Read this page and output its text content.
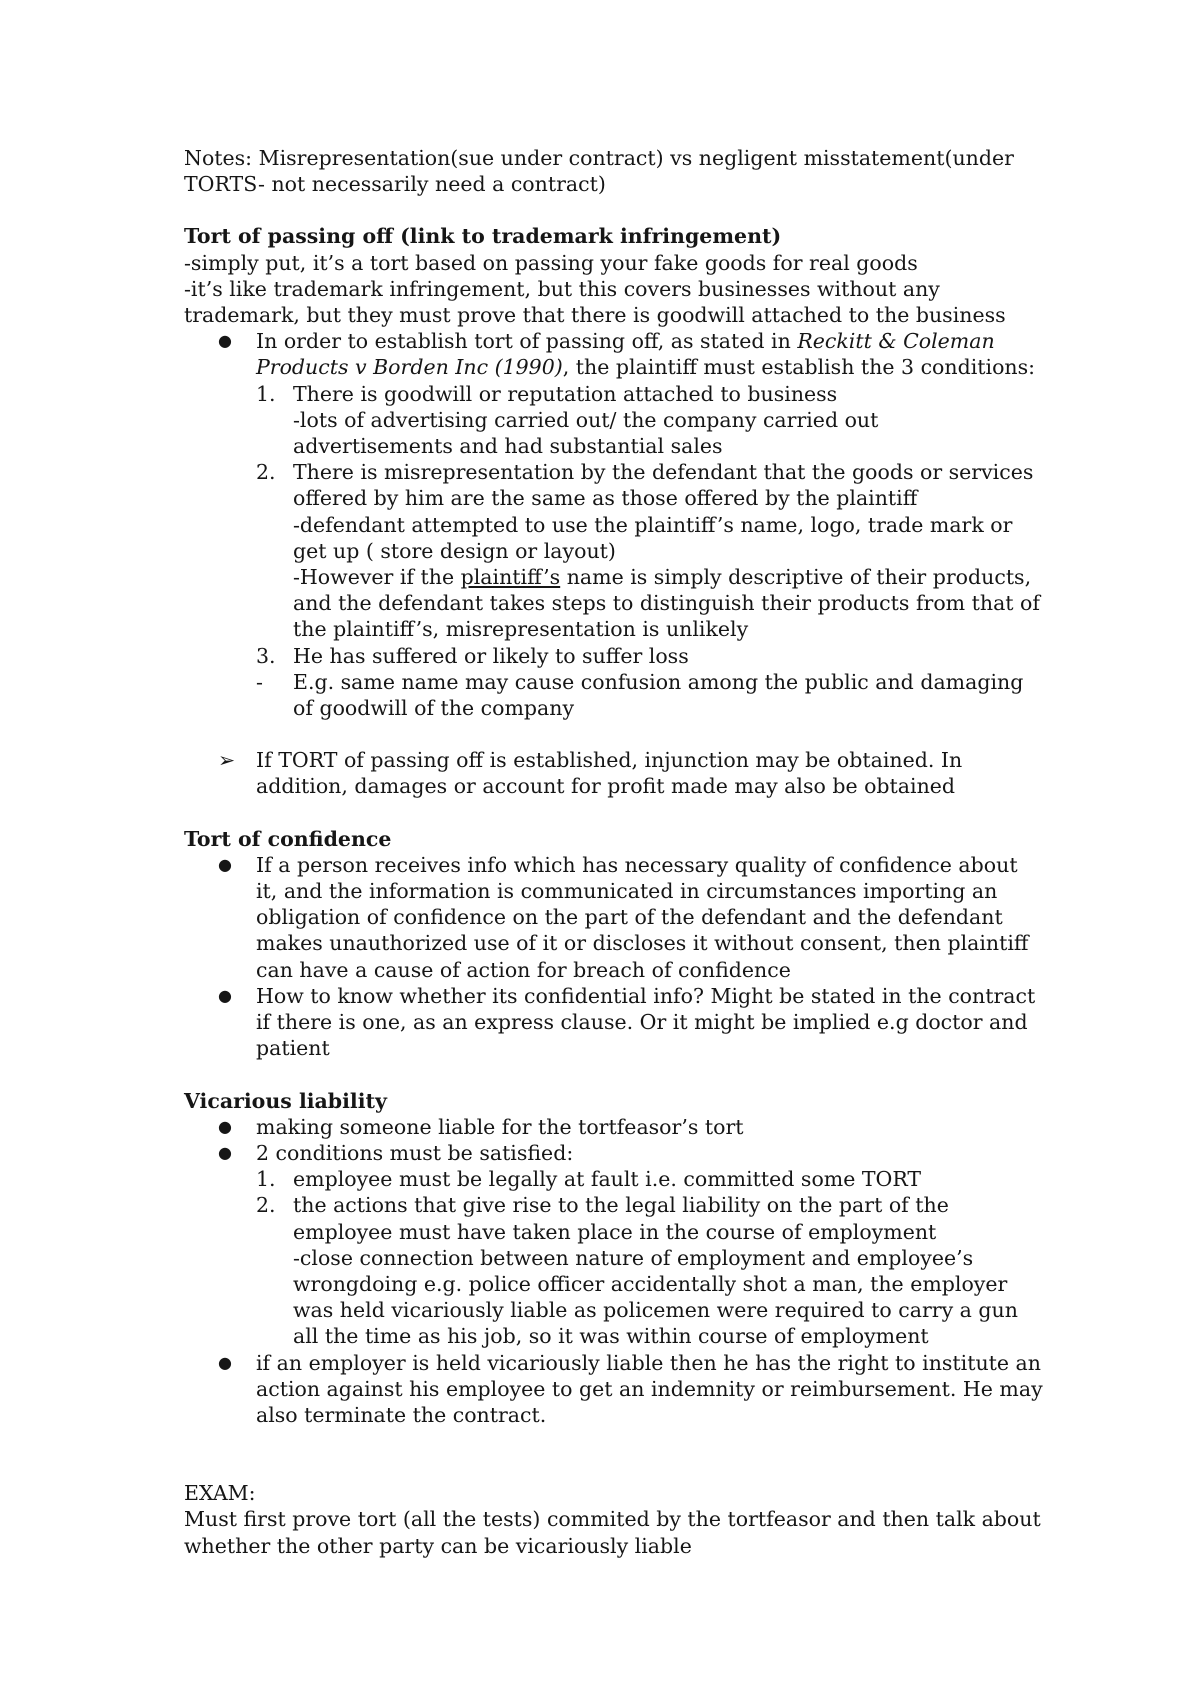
Notes: Misrepresentation(sue under contract) vs negligent misstatement(under TORTS- not necessarily need a contract)

Tort of passing off (link to trademark infringement)

-simply put, it’s a tort based on passing your fake goods for real goods

-it’s like trademark infringement, but this covers businesses without any trademark, but they must prove that there is goodwill attached to the business

● In order to establish tort of passing off, as stated in Reckitt & Coleman Products v Borden Inc (1990), the plaintiff must establish the 3 conditions:
1. There is goodwill or reputation attached to business

-lots of advertising carried out/ the company carried out advertisements and had substantial sales

2. There is misrepresentation by the defendant that the goods or services offered by him are the same as those offered by the plaintiff

-defendant attempted to use the plaintiff’s name, logo, trade mark or get up ( store design or layout)

-However if the plaintiff’s name is simply descriptive of their products, and the defendant takes steps to distinguish their products from that of the plaintiff’s, misrepresentation is unlikely

3. He has suffered or likely to suffer loss

- E.g. same name may cause confusion among the public and damaging of goodwill of the company

➢ If TORT of passing off is established, injunction may be obtained. In addition, damages or account for profit made may also be obtained

Tort of confidence

● If a person receives info which has necessary quality of confidence about it, and the information is communicated in circumstances importing an obligation of confidence on the part of the defendant and the defendant makes unauthorized use of it or discloses it without consent, then plaintiff can have a cause of action for breach of confidence

● How to know whether its confidential info? Might be stated in the contract if there is one, as an express clause. Or it might be implied e.g doctor and patient

Vicarious liability

● making someone liable for the tortfeasor’s tort

● 2 conditions must be satisfied:

1. employee must be legally at fault i.e. committed some TORT

2. the actions that give rise to the legal liability on the part of the employee must have taken place in the course of employment

-close connection between nature of employment and employee’s wrongdoing e.g. police officer accidentally shot a man, the employer was held vicariously liable as policemen were required to carry a gun all the time as his job, so it was within course of employment

● if an employer is held vicariously liable then he has the right to institute an action against his employee to get an indemnity or reimbursement. He may also terminate the contract.

EXAM:

Must first prove tort (all the tests) commited by the tortfeasor and then talk about whether the other party can be vicariously liable
